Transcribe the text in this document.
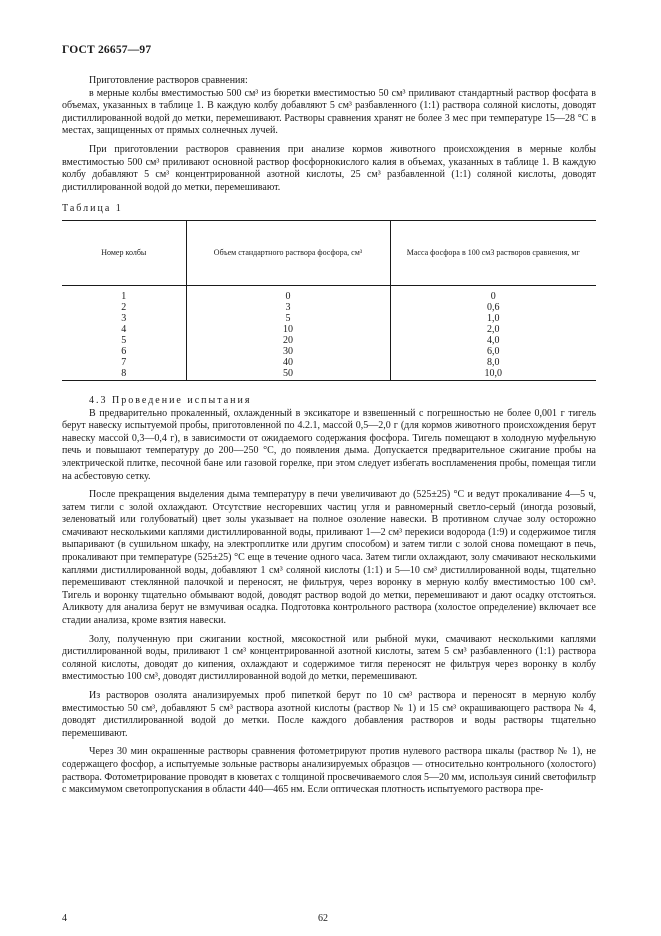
ГОСТ 26657—97

Приготовление растворов сравнения:

в мерные колбы вместимостью 500 см³ из бюретки вместимостью 50 см³ приливают стандартный раствор фосфата в объемах, указанных в таблице 1. В каждую колбу добавляют 5 см³ разбавленного (1:1) раствора соляной кислоты, доводят дистиллированной водой до метки, перемешивают. Растворы сравнения хранят не более 3 мес при температуре 15—28 °С в местах, защищенных от прямых солнечных лучей.

При приготовлении растворов сравнения при анализе кормов животного происхождения в мерные колбы вместимостью 500 см³ приливают основной раствор фосфорнокислого калия в объемах, указанных в таблице 1. В каждую колбу добавляют 5 см³ концентрированной азотной кислоты, 25 см³ разбавленной (1:1) соляной кислоты, доводят дистиллированной водой до метки, перемешивают.

Таблица 1

Номер колбы	Объем стандартного раствора фосфора, см³	Масса фосфора в 100 см3 растворов сравнения, мг
1	0	0
2	3	0,6
3	5	1,0
4	10	2,0
5	20	4,0
6	30	6,0
7	40	8,0
8	50	10,0

4.3 Проведение испытания

В предварительно прокаленный, охлажденный в эксикаторе и взвешенный с погрешностью не более 0,001 г тигель берут навеску испытуемой пробы, приготовленной по 4.2.1, массой 0,5—2,0 г (для кормов животного происхождения берут навеску массой 0,3—0,4 г), в зависимости от ожидаемого содержания фосфора. Тигель помещают в холодную муфельную печь и повышают температуру до 200—250 °С, до появления дыма. Допускается предварительное сжигание пробы на электрической плитке, песочной бане или газовой горелке, при этом следует избегать воспламенения пробы, помещая тигли на асбестовую сетку.

После прекращения выделения дыма температуру в печи увеличивают до (525±25) °С и ведут прокаливание 4—5 ч, затем тигли с золой охлаждают. Отсутствие несгоревших частиц угля и равномерный светло-серый (иногда розовый, зеленоватый или голубоватый) цвет золы указывает на полное озоление навески. В противном случае золу осторожно смачивают несколькими каплями дистиллированной воды, приливают 1—2 см³ перекиси водорода (1:9) и содержимое тигля выпаривают (в сушильном шкафу, на электроплитке или другим способом) и затем тигли с золой снова помещают в печь, прокаливают при температуре (525±25) °С еще в течение одного часа. Затем тигли охлаждают, золу смачивают несколькими каплями дистиллированной воды, добавляют 1 см³ соляной кислоты (1:1) и 5—10 см³ дистиллированной воды, тщательно перемешивают стеклянной палочкой и переносят, не фильтруя, через воронку в мерную колбу вместимостью 100 см³. Тигель и воронку тщательно обмывают водой, доводят раствор водой до метки, перемешивают и дают осадку отстояться. Аликвоту для анализа берут не взмучивая осадка. Подготовка контрольного раствора (холостое определение) включает все стадии анализа, кроме взятия навески.

Золу, полученную при сжигании костной, мясокостной или рыбной муки, смачивают несколькими каплями дистиллированной воды, приливают 1 см³ концентрированной азотной кислоты, затем 5 см³ разбавленного (1:1) раствора соляной кислоты, доводят до кипения, охлаждают и содержимое тигля переносят не фильтруя через воронку в колбу вместимостью 100 см³, доводят дистиллированной водой до метки, перемешивают.

Из растворов озолята анализируемых проб пипеткой берут по 10 см³ раствора и переносят в мерную колбу вместимостью 50 см³, добавляют 5 см³ раствора азотной кислоты (раствор № 1) и 15 см³ окрашивающего раствора № 4, доводят дистиллированной водой до метки. После каждого добавления растворов и воды растворы тщательно перемешивают.

Через 30 мин окрашенные растворы сравнения фотометрируют против нулевого раствора шкалы (раствор № 1), не содержащего фосфор, а испытуемые зольные растворы анализируемых образцов — относительно контрольного (холостого) раствора. Фотометрирование проводят в кюветах с толщиной просвечиваемого слоя 5—20 мм, используя синий светофильтр с максимумом светопропускания в области 440—465 нм. Если оптическая плотность испытуемого раствора пре-

4	62
